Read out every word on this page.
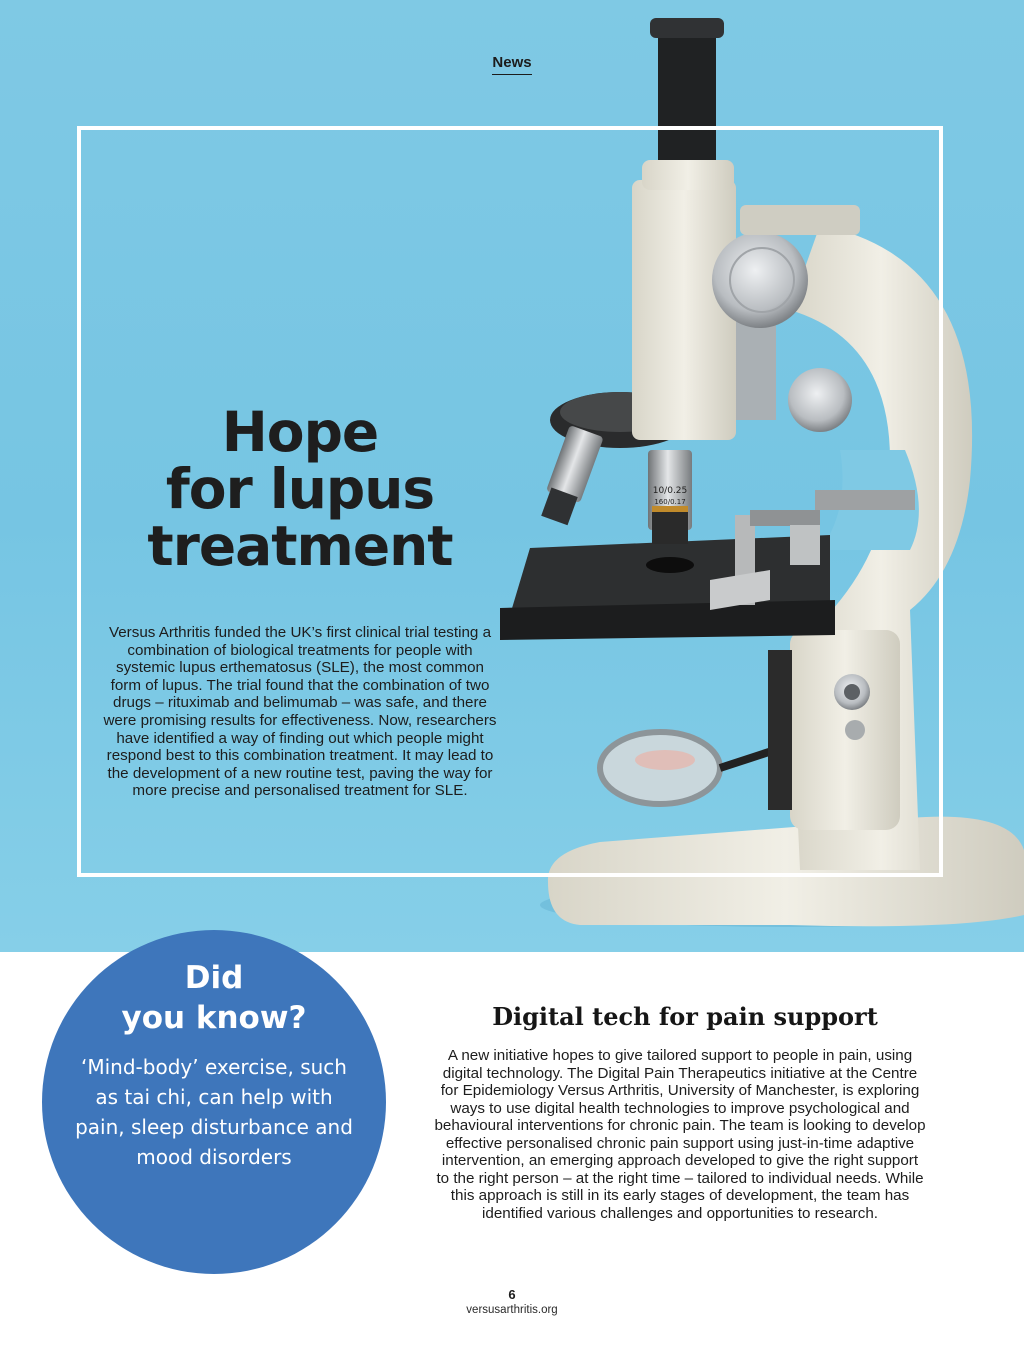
News
10/0.25
160/0.17
Hope
for lupus
treatment

Versus Arthritis funded the UK’s first clinical trial testing a combination of biological treatments for people with systemic lupus erthematosus (SLE), the most common form of lupus. The trial found that the combination of two drugs – rituximab and belimumab – was safe, and there were promising results for effectiveness. Now, researchers have identified a way of finding out which people might respond best to this combination treatment. It may lead to the development of a new routine test, paving the way for more precise and personalised treatment for SLE.

Did
you know?

‘Mind-body’ exercise, such as tai chi, can help with pain, sleep disturbance and mood disorders

Digital tech for pain support

A new initiative hopes to give tailored support to people in pain, using digital technology. The Digital Pain Therapeutics initiative at the Centre for Epidemiology Versus Arthritis, University of Manchester, is exploring ways to use digital health technologies to improve psychological and behavioural interventions for chronic pain. The team is looking to develop effective personalised chronic pain support using just-in-time adaptive intervention, an emerging approach developed to give the right support to the right person – at the right time – tailored to individual needs. While this approach is still in its early stages of development, the team has identified various challenges and opportunities to research.

6
versusarthritis.org
